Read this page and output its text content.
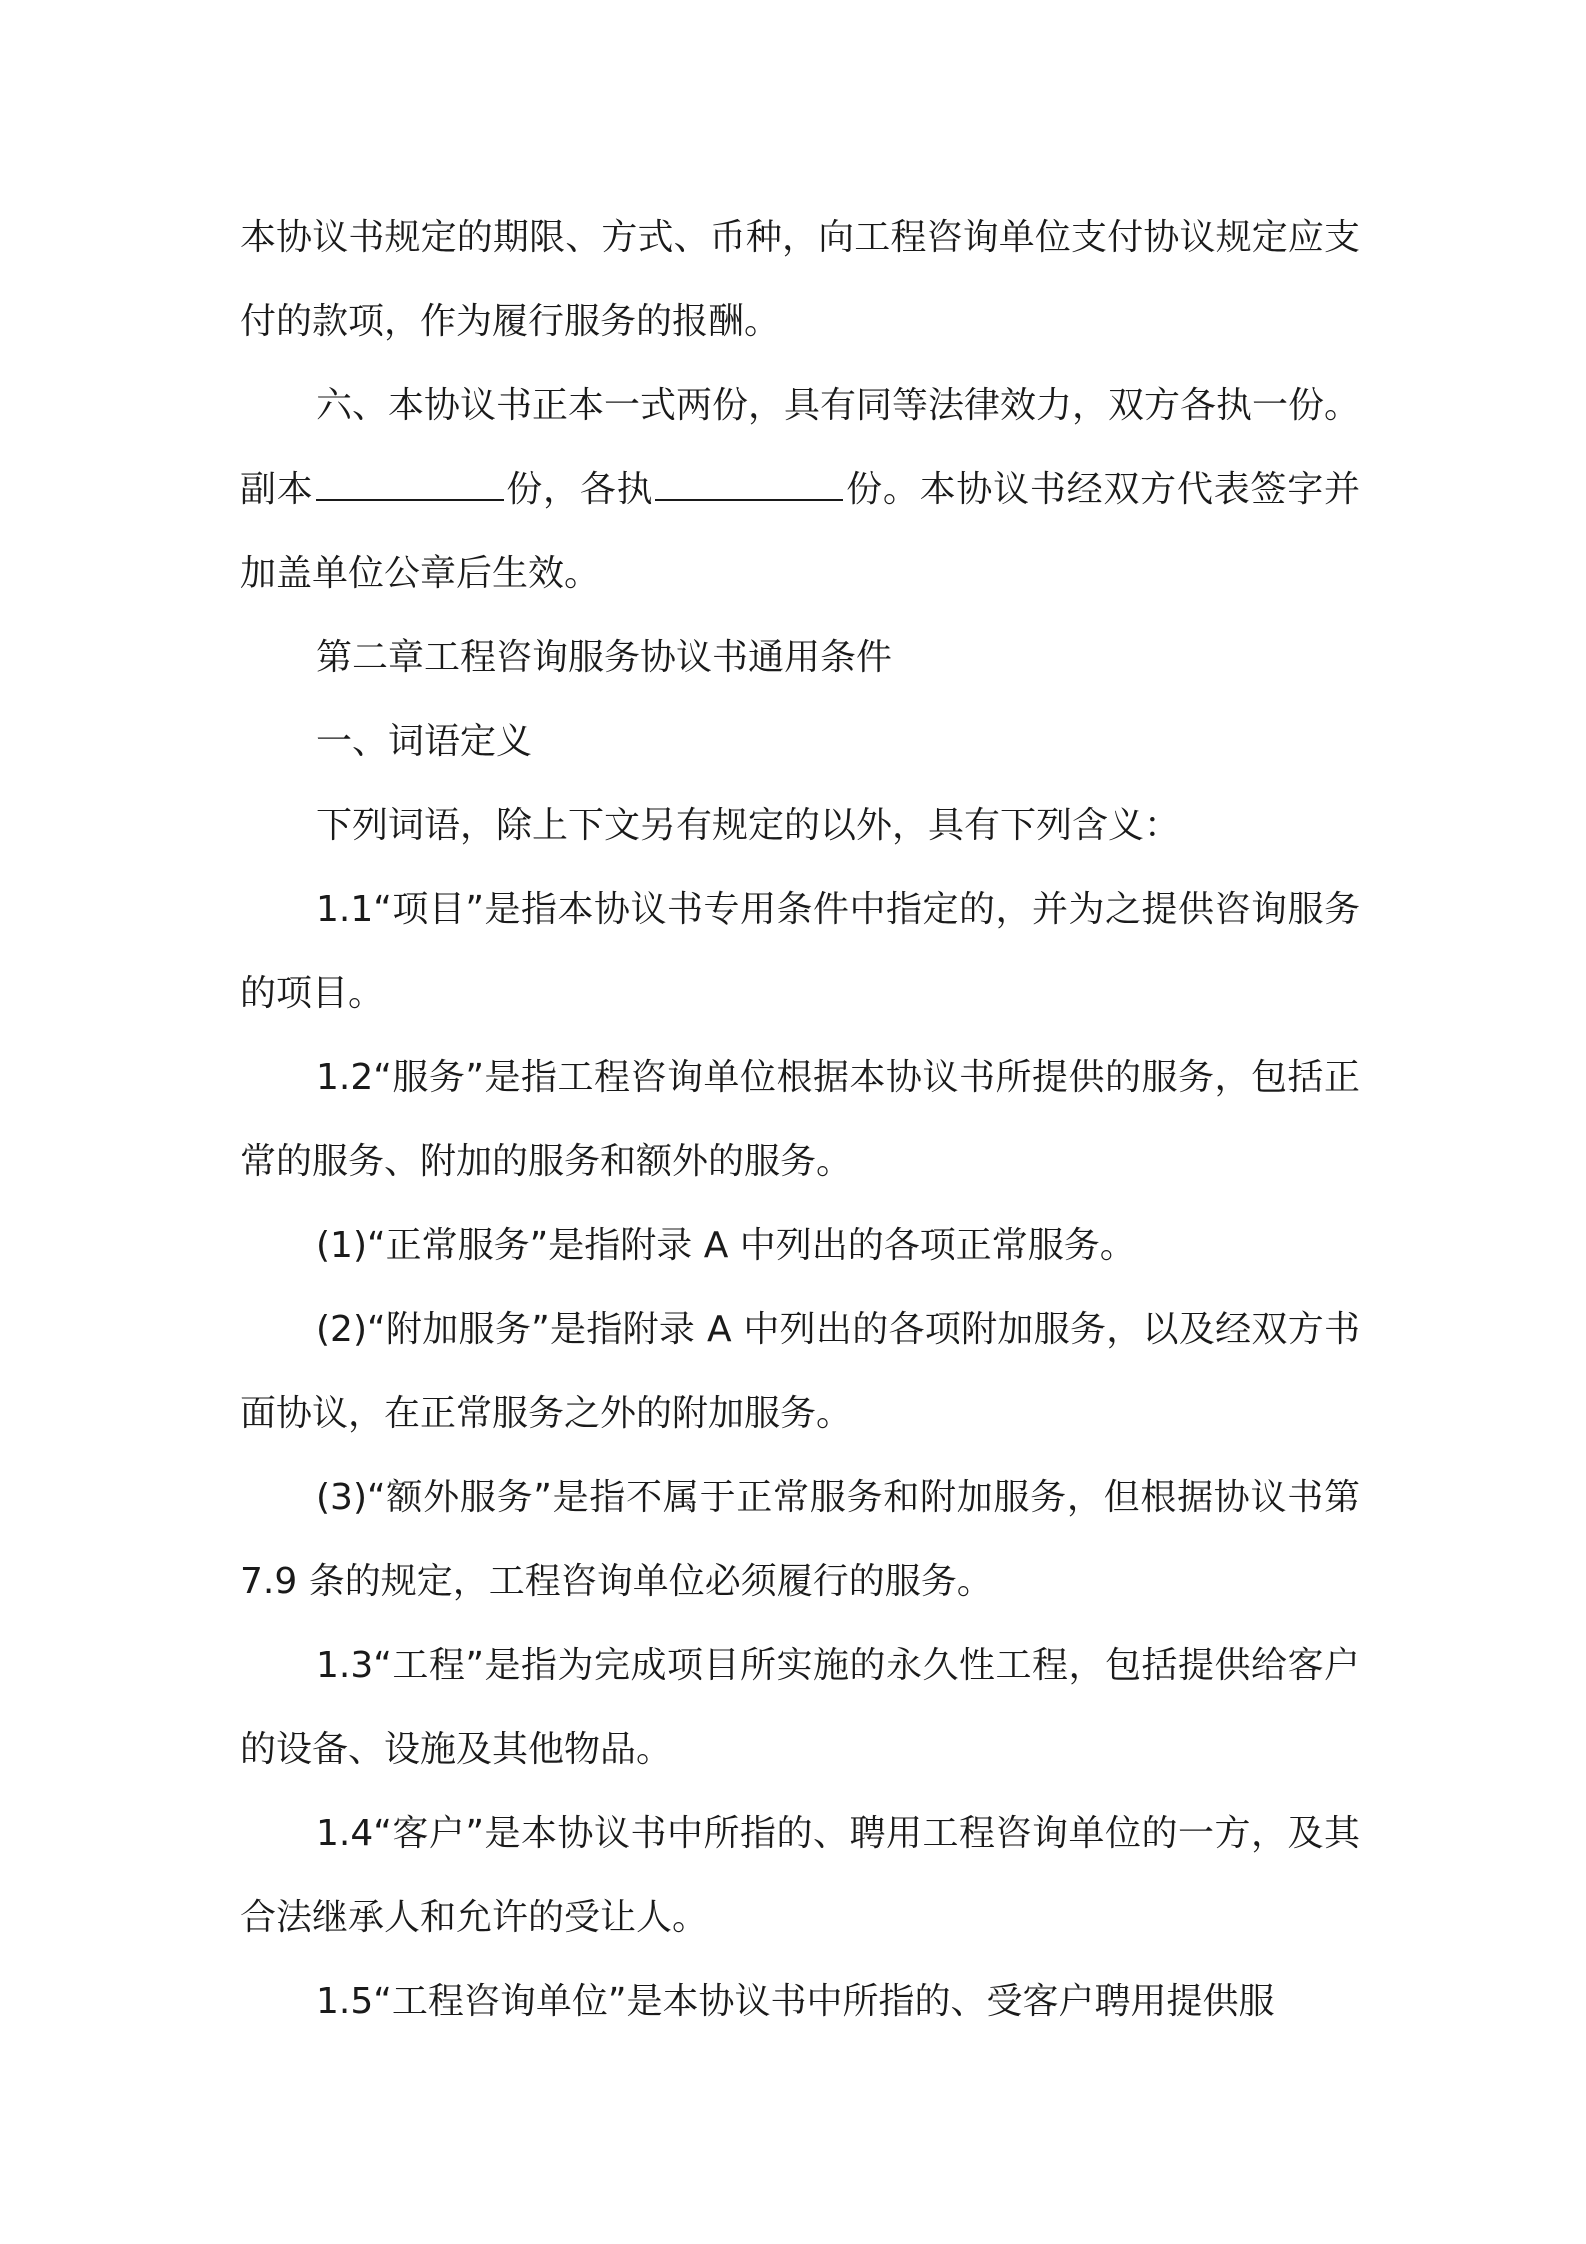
本协议书规定的期限、方式、币种，向工程咨询单位支付协议规定应支付的款项，作为履行服务的报酬。

六、本协议书正本一式两份，具有同等法律效力，双方各执一份。副本	份，各执	份。本协议书经双方代表签字并加盖单位公章后生效。

第二章工程咨询服务协议书通用条件

一、词语定义

下列词语，除上下文另有规定的以外，具有下列含义：

1.1“项目”是指本协议书专用条件中指定的，并为之提供咨询服务的项目。

1.2“服务”是指工程咨询单位根据本协议书所提供的服务，包括正常的服务、附加的服务和额外的服务。

(1)“正常服务”是指附录 A 中列出的各项正常服务。

(2)“附加服务”是指附录 A 中列出的各项附加服务，以及经双方书面协议，在正常服务之外的附加服务。

(3)“额外服务”是指不属于正常服务和附加服务，但根据协议书第 7.9 条的规定，工程咨询单位必须履行的服务。

1.3“工程”是指为完成项目所实施的永久性工程，包括提供给客户的设备、设施及其他物品。

1.4“客户”是本协议书中所指的、聘用工程咨询单位的一方，及其合法继承人和允许的受让人。

1.5“工程咨询单位”是本协议书中所指的、受客户聘用提供服
